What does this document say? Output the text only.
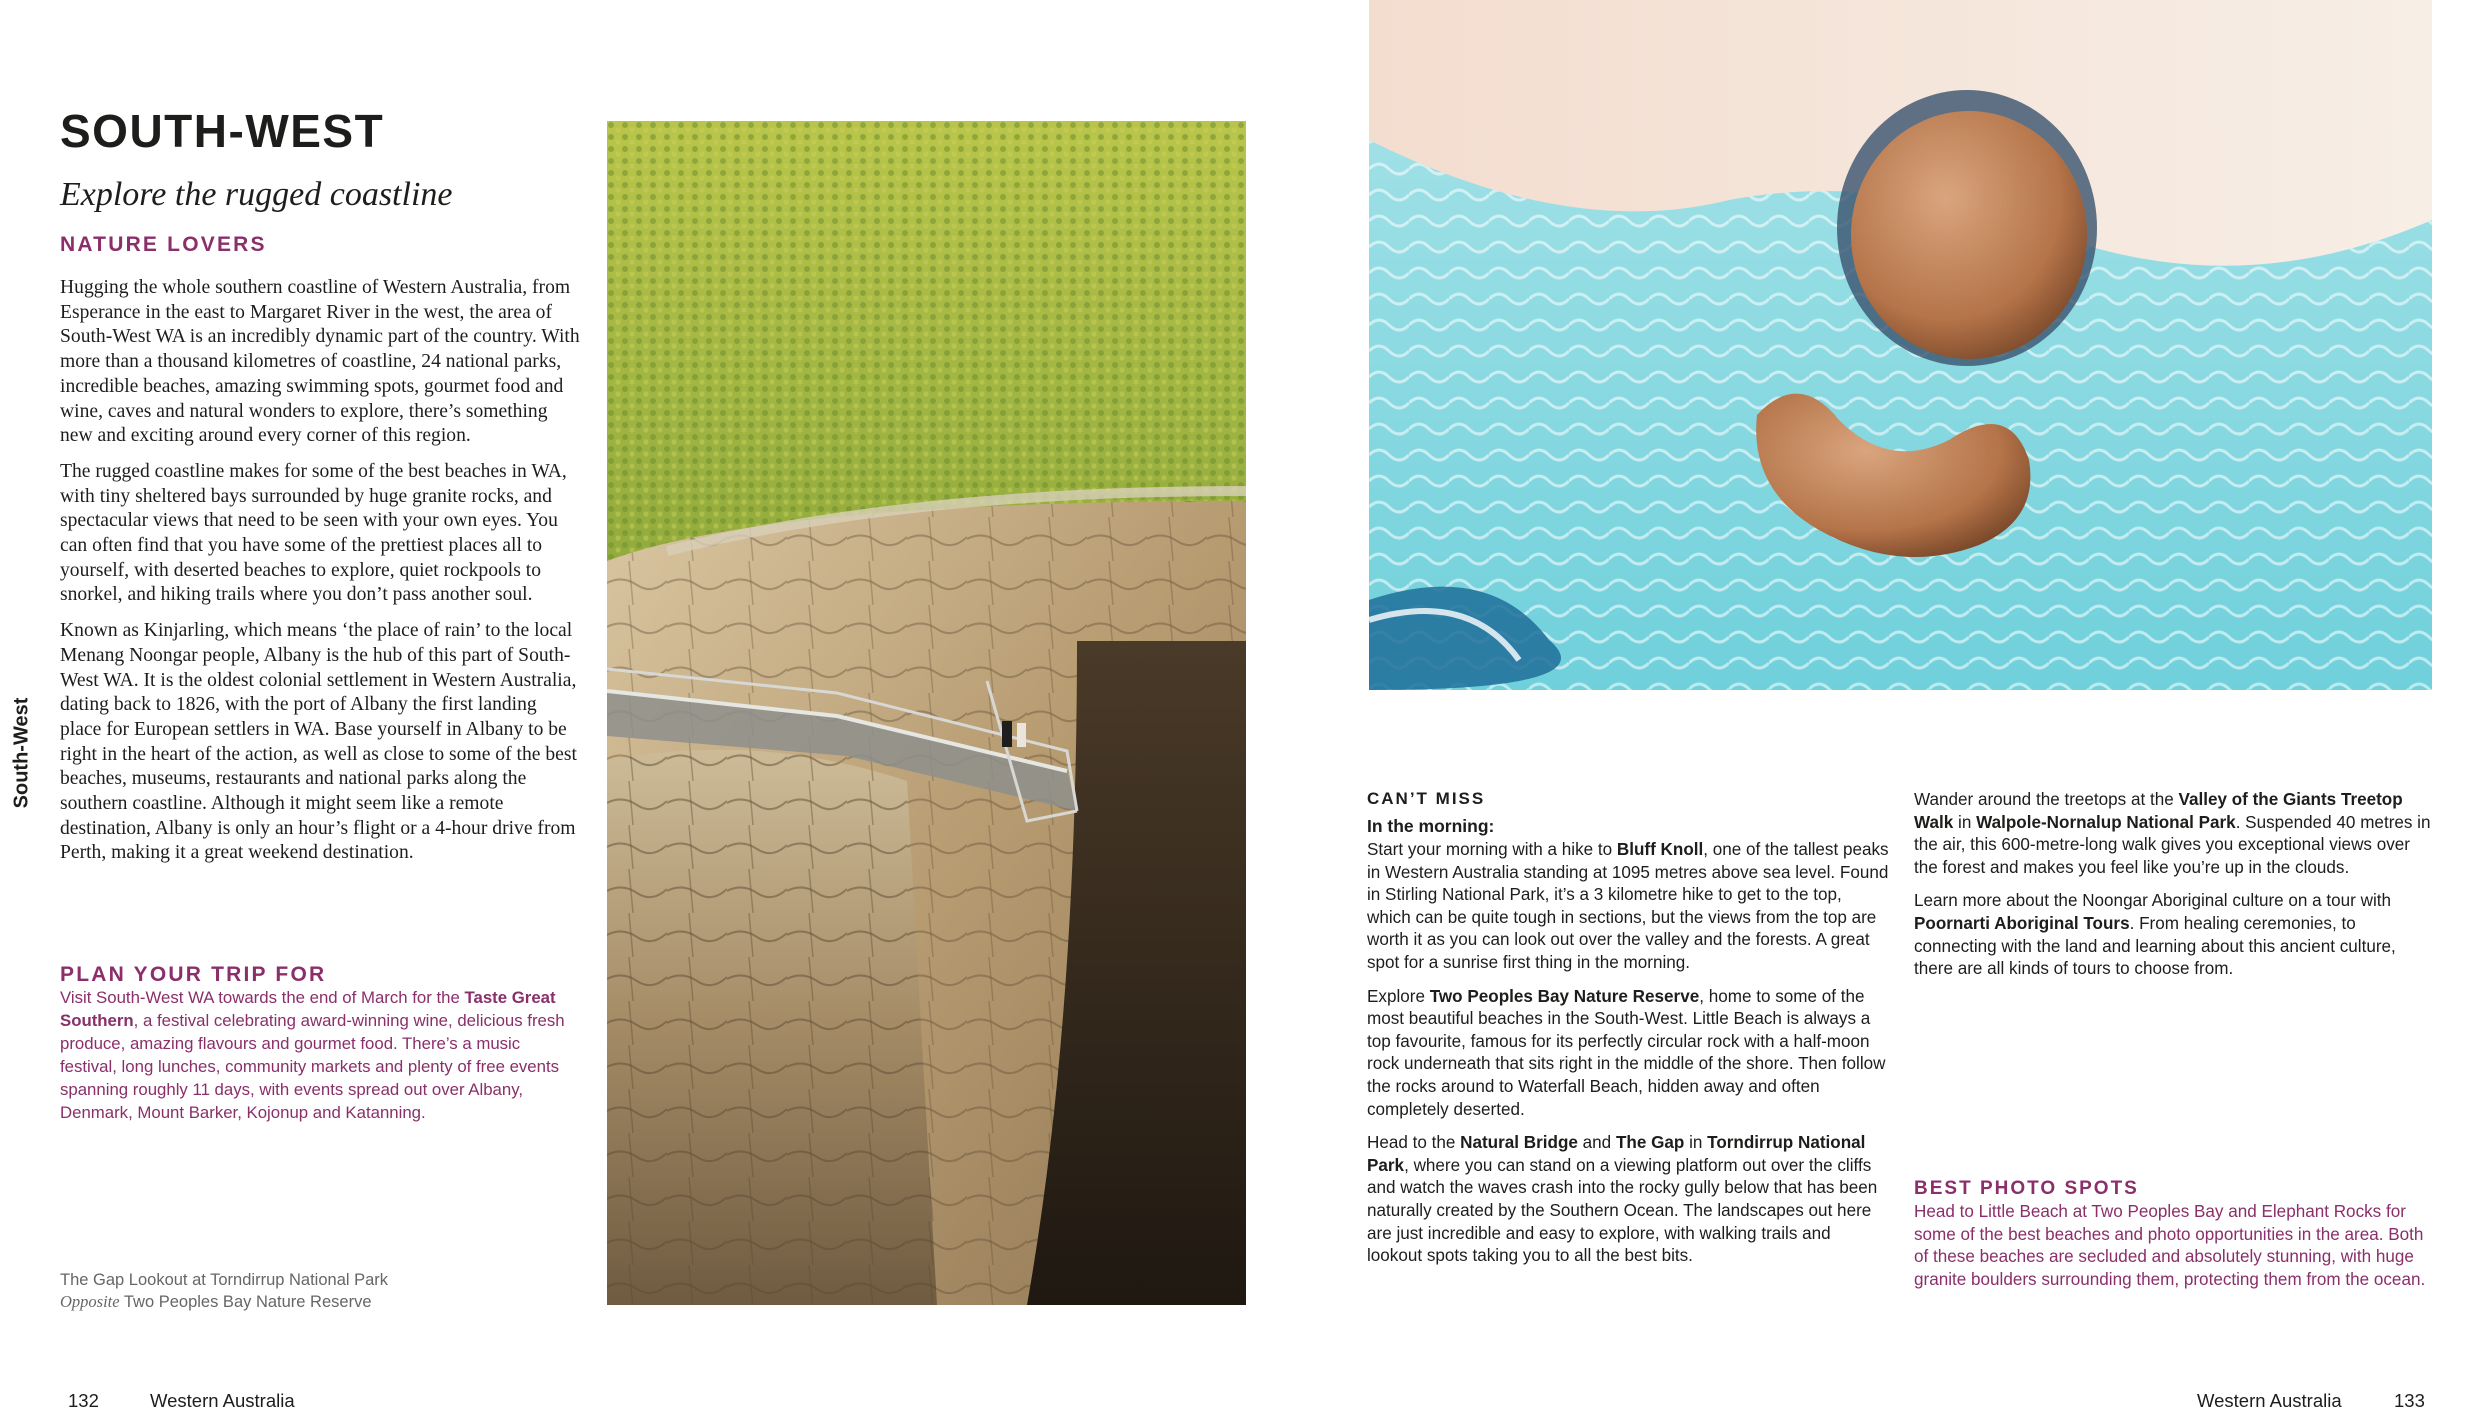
SOUTH-WEST
Explore the rugged coastline
NATURE LOVERS

Hugging the whole southern coastline of Western Australia, from Esperance in the east to Margaret River in the west, the area of South-West WA is an incredibly dynamic part of the country. With more than a thousand kilometres of coastline, 24 national parks, incredible beaches, amazing swimming spots, gourmet food and wine, caves and natural wonders to explore, there’s something new and exciting around every corner of this region.

The rugged coastline makes for some of the best beaches in WA, with tiny sheltered bays surrounded by huge granite rocks, and spectacular views that need to be seen with your own eyes. You can often find that you have some of the prettiest places all to yourself, with deserted beaches to explore, quiet rockpools to snorkel, and hiking trails where you don’t pass another soul.

Known as Kinjarling, which means ‘the place of rain’ to the local Menang Noongar people, Albany is the hub of this part of South-West WA. It is the oldest colonial settlement in Western Australia, dating back to 1826, with the port of Albany the first landing place for European settlers in WA. Base yourself in Albany to be right in the heart of the action, as well as close to some of the best beaches, museums, restaurants and national parks along the southern coastline. Although it might seem like a remote destination, Albany is only an hour’s flight or a 4-hour drive from Perth, making it a great weekend destination.

PLAN YOUR TRIP FOR

Visit South-West WA towards the end of March for the Taste Great Southern, a festival celebrating award-winning wine, delicious fresh produce, amazing flavours and gourmet food. There’s a music festival, long lunches, community markets and plenty of free events spanning roughly 11 days, with events spread out over Albany, Denmark, Mount Barker, Kojonup and Katanning.

The Gap Lookout at Torndirrup National Park
Opposite Two Peoples Bay Nature Reserve
South-West
132	Western Australia
CAN’T MISS
In the morning:

Start your morning with a hike to Bluff Knoll, one of the tallest peaks in Western Australia standing at 1095 metres above sea level. Found in Stirling National Park, it’s a 3 kilometre hike to get to the top, which can be quite tough in sections, but the views from the top are worth it as you can look out over the valley and the forests. A great spot for a sunrise first thing in the morning.

Explore Two Peoples Bay Nature Reserve, home to some of the most beautiful beaches in the South-West. Little Beach is always a top favourite, famous for its perfectly circular rock with a half-moon rock underneath that sits right in the middle of the shore. Then follow the rocks around to Waterfall Beach, hidden away and often completely deserted.

Head to the Natural Bridge and The Gap in Torndirrup National Park, where you can stand on a viewing platform out over the cliffs and watch the waves crash into the rocky gully below that has been naturally created by the Southern Ocean. The landscapes out here are just incredible and easy to explore, with walking trails and lookout spots taking you to all the best bits.

Wander around the treetops at the Valley of the Giants Treetop Walk in Walpole-Nornalup National Park. Suspended 40 metres in the air, this 600-metre-long walk gives you exceptional views over the forest and makes you feel like you’re up in the clouds.

Learn more about the Noongar Aboriginal culture on a tour with Poornarti Aboriginal Tours. From healing ceremonies, to connecting with the land and learning about this ancient culture, there are all kinds of tours to choose from.

BEST PHOTO SPOTS

Head to Little Beach at Two Peoples Bay and Elephant Rocks for some of the best beaches and photo opportunities in the area. Both of these beaches are secluded and absolutely stunning, with huge granite boulders surrounding them, protecting them from the ocean.

Western Australia	133
